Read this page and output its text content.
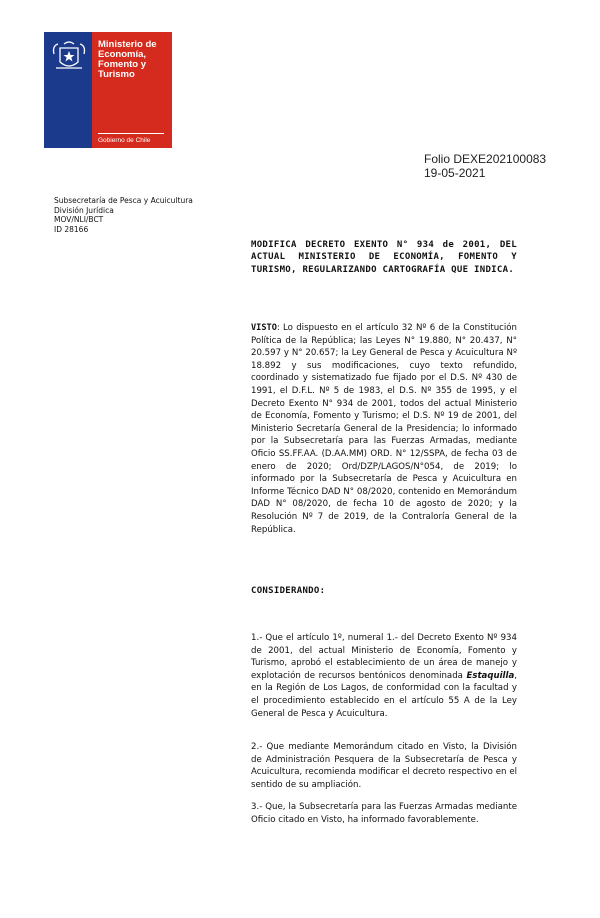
Ministerio de Economía, Fomento y Turismo
Gobierno de Chile
Folio DEXE202100083
19-05-2021
Subsecretaría de Pesca y Acuicultura
División Jurídica
MOV/NLI/BCT
ID 28166
MODIFICA DECRETO EXENTO N° 934 de 2001, DEL ACTUAL MINISTERIO DE ECONOMÍA, FOMENTO Y TURISMO, REGULARIZANDO CARTOGRAFÍA QUE INDICA.
VISTO: Lo dispuesto en el artículo 32 Nº 6 de la Constitución Política de la República; las Leyes N° 19.880, N° 20.437, N° 20.597 y N° 20.657; la Ley General de Pesca y Acuicultura Nº 18.892 y sus modificaciones, cuyo texto refundido, coordinado y sistematizado fue fijado por el D.S. Nº 430 de 1991, el D.F.L. Nº 5 de 1983, el D.S. Nº 355 de 1995, y el Decreto Exento N° 934 de 2001, todos del actual Ministerio de Economía, Fomento y Turismo; el D.S. Nº 19 de 2001, del Ministerio Secretaría General de la Presidencia; lo informado por la Subsecretaría para las Fuerzas Armadas, mediante Oficio SS.FF.AA. (D.AA.MM) ORD. N° 12/SSPA, de fecha 03 de enero de 2020; Ord/DZP/LAGOS/N°054, de 2019; lo informado por la Subsecretaría de Pesca y Acuicultura en Informe Técnico DAD N° 08/2020, contenido en Memorándum DAD N° 08/2020, de fecha 10 de agosto de 2020; y la Resolución Nº 7 de 2019, de la Contraloría General de la República.
CONSIDERANDO:
1.- Que el artículo 1º, numeral 1.- del Decreto Exento Nº 934 de 2001, del actual Ministerio de Economía, Fomento y Turismo, aprobó el establecimiento de un área de manejo y explotación de recursos bentónicos denominada Estaquilla, en la Región de Los Lagos, de conformidad con la facultad y el procedimiento establecido en el artículo 55 A de la Ley General de Pesca y Acuicultura.
2.- Que mediante Memorándum citado en Visto, la División de Administración Pesquera de la Subsecretaría de Pesca y Acuicultura, recomienda modificar el decreto respectivo en el sentido de su ampliación.
3.- Que, la Subsecretaría para las Fuerzas Armadas mediante Oficio citado en Visto, ha informado favorablemente.
